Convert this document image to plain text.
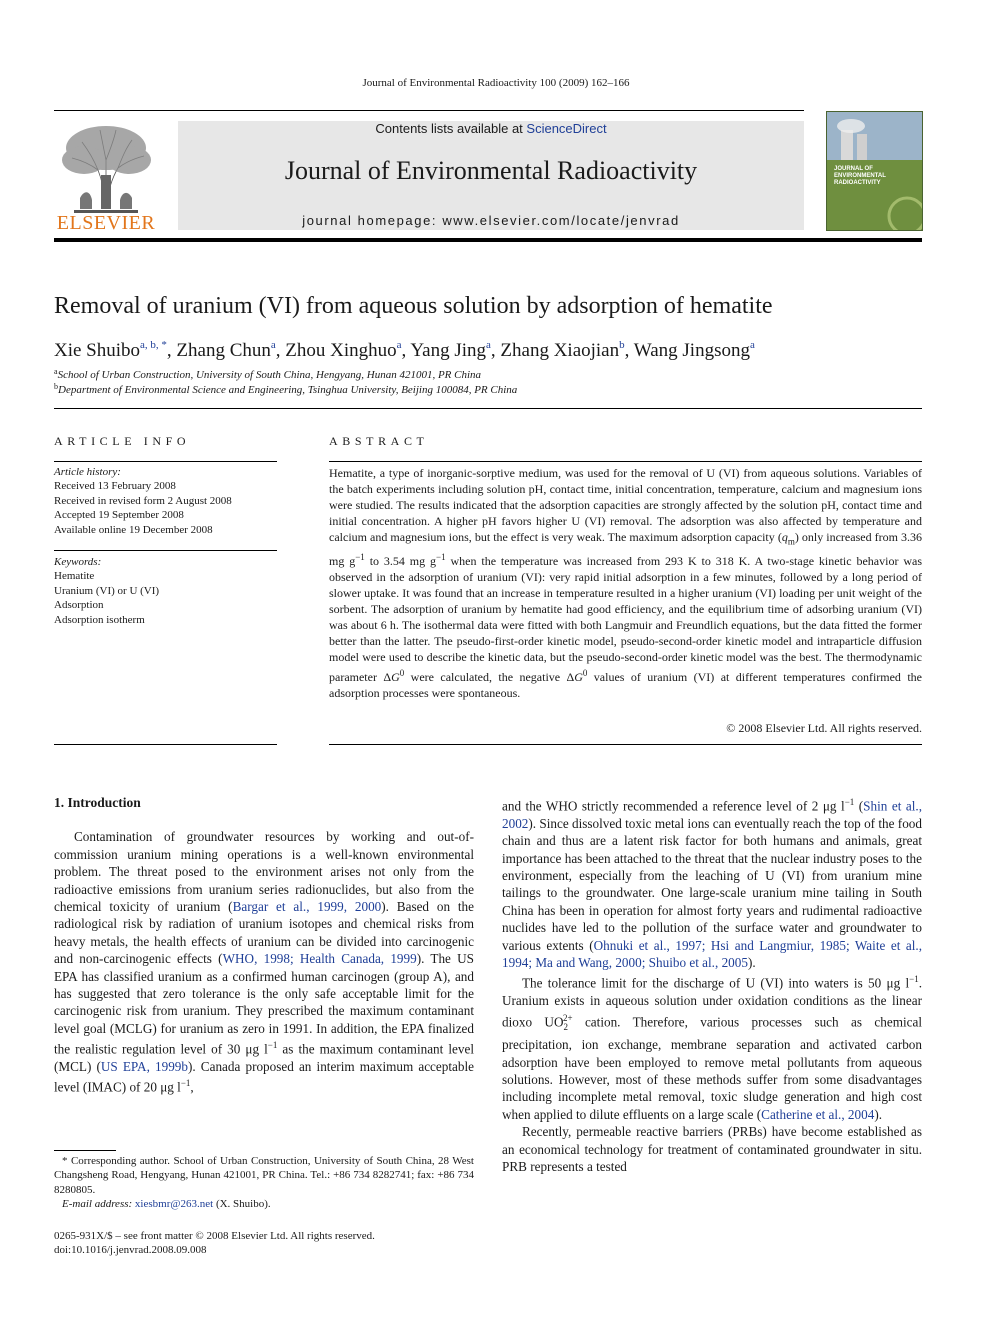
Journal of Environmental Radioactivity 100 (2009) 162–166
ELSEVIER
Contents lists available at ScienceDirect
Journal of Environmental Radioactivity
journal homepage: www.elsevier.com/locate/jenvrad
JOURNAL OF
ENVIRONMENTAL
RADIOACTIVITY
Removal of uranium (VI) from aqueous solution by adsorption of hematite
Xie Shuibo$^{a, b, *}$, Zhang Chun$^a$, Zhou Xinghuo$^a$, Yang Jing$^a$, Zhang Xiaojian$^b$, Wang Jingsong$^a$
$^a$School of Urban Construction, University of South China, Hengyang, Hunan 421001, PR China
$^b$Department of Environmental Science and Engineering, Tsinghua University, Beijing 100084, PR China
ARTICLE INFO	ABSTRACT
Article history:
Received 13 February 2008
Received in revised form 2 August 2008
Accepted 19 September 2008
Available online 19 December 2008
Keywords:
Hematite
Uranium (VI) or U (VI)
Adsorption
Adsorption isotherm
Hematite, a type of inorganic-sorptive medium, was used for the removal of U (VI) from aqueous solutions. Variables of the batch experiments including solution pH, contact time, initial concentration, temperature, calcium and magnesium ions were studied. The results indicated that the adsorption capacities are strongly affected by the solution pH, contact time and initial concentration. A higher pH favors higher U (VI) removal. The adsorption was also affected by temperature and calcium and magnesium ions, but the effect is very weak. The maximum adsorption capacity $(q_m)$ only increased from 3.36 mg $g^{-1}$ to 3.54 mg $g^{-1}$ when the temperature was increased from 293 K to 318 K. A two-stage kinetic behavior was observed in the adsorption of uranium (VI): very rapid initial adsorption in a few minutes, followed by a long period of slower uptake. It was found that an increase in temperature resulted in a higher uranium (VI) loading per unit weight of the sorbent. The adsorption of uranium by hematite had good efficiency, and the equilibrium time of adsorbing uranium (VI) was about 6 h. The isothermal data were fitted with both Langmuir and Freundlich equations, but the data fitted the former better than the latter. The pseudo-first-order kinetic model, pseudo-second-order kinetic model and intraparticle diffusion model were used to describe the kinetic data, but the pseudo-second-order kinetic model was the best. The thermodynamic parameter $\Delta G^0$ were calculated, the negative $\Delta G^0$ values of uranium (VI) at different temperatures confirmed the adsorption processes were spontaneous.
© 2008 Elsevier Ltd. All rights reserved.
1. Introduction

Contamination of groundwater resources by working and out-of-commission uranium mining operations is a well-known environmental problem. The threat posed to the environment arises not only from the radioactive emissions from uranium series radionuclides, but also from the chemical toxicity of uranium (Bargar et al., 1999, 2000). Based on the radiological risk by radiation of uranium isotopes and chemical risks from heavy metals, the health effects of uranium can be divided into carcinogenic and non-carcinogenic effects (WHO, 1998; Health Canada, 1999). The US EPA has classified uranium as a confirmed human carcinogen (group A), and has suggested that zero tolerance is the only safe acceptable limit for the carcinogenic risk from uranium. They prescribed the maximum contaminant level goal (MCLG) for uranium as zero in 1991. In addition, the EPA finalized the realistic regulation level of 30 μg $l^{-1}$ as the maximum contaminant level (MCL) (US EPA, 1999b). Canada proposed an interim maximum acceptable level (IMAC) of 20 μg $l^{-1}$,

and the WHO strictly recommended a reference level of 2 μg $l^{-1}$ (Shin et al., 2002). Since dissolved toxic metal ions can eventually reach the top of the food chain and thus are a latent risk factor for both humans and animals, great importance has been attached to the threat that the nuclear industry poses to the environment, especially from the leaching of U (VI) from uranium mine tailings to the groundwater. One large-scale uranium mine tailing in South China has been in operation for almost forty years and rudimental radioactive nuclides have led to the pollution of the surface water and groundwater to various extents (Ohnuki et al., 1997; Hsi and Langmiur, 1985; Waite et al., 1994; Ma and Wang, 2000; Shuibo et al., 2005).

The tolerance limit for the discharge of U (VI) into waters is 50 μg $l^{-1}$. Uranium exists in aqueous solution under oxidation conditions as the linear dioxo $UO_2^{2+}$ cation. Therefore, various processes such as chemical precipitation, ion exchange, membrane separation and activated carbon adsorption have been employed to remove metal pollutants from aqueous solutions. However, most of these methods suffer from some disadvantages including incomplete metal removal, toxic sludge generation and high cost when applied to dilute effluents on a large scale (Catherine et al., 2004).

Recently, permeable reactive barriers (PRBs) have become established as an economical technology for treatment of contaminated groundwater in situ. PRB represents a tested

* Corresponding author. School of Urban Construction, University of South China, 28 West Changsheng Road, Hengyang, Hunan 421001, PR China. Tel.: +86 734 8282741; fax: +86 734 8280805.
E-mail address: xiesbmr@263.net (X. Shuibo).
0265-931X/$ – see front matter © 2008 Elsevier Ltd. All rights reserved.
doi:10.1016/j.jenvrad.2008.09.008
